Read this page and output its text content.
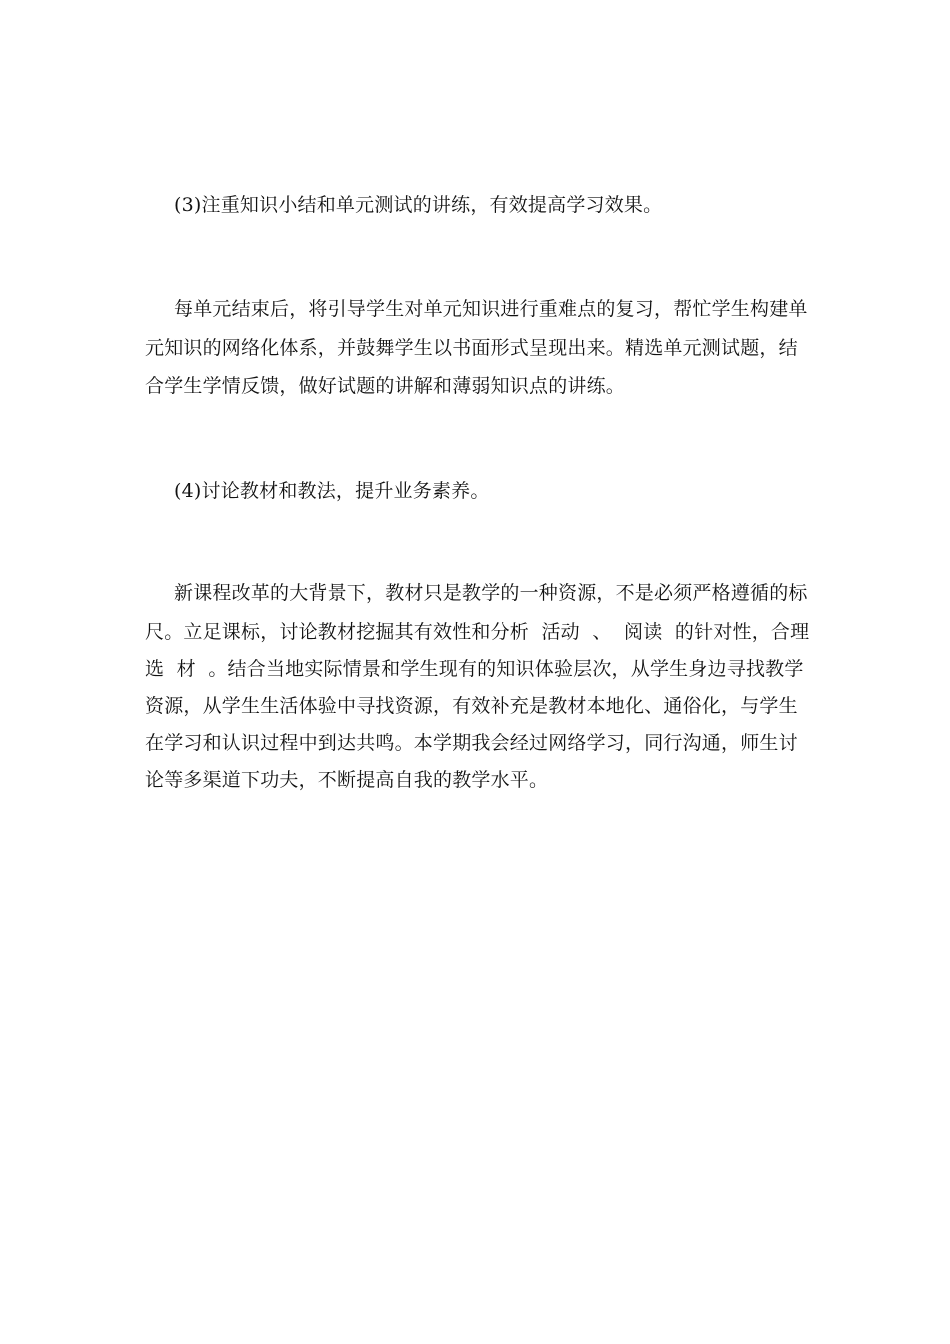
(3)注重知识小结和单元测试的讲练，有效提高学习效果。
每单元结束后，将引导学生对单元知识进行重难点的复习，帮忙学生构建单
元知识的网络化体系，并鼓舞学生以书面形式呈现出来。精选单元测试题，结
合学生学情反馈，做好试题的讲解和薄弱知识点的讲练。
(4)讨论教材和教法，提升业务素养。
新课程改革的大背景下，教材只是教学的一种资源，不是必须严格遵循的标
尺。立足课标，讨论教材挖掘其有效性和分析  活动  、  阅读  的针对性，合理
选  材  。结合当地实际情景和学生现有的知识体验层次，从学生身边寻找教学
资源，从学生生活体验中寻找资源，有效补充是教材本地化、通俗化，与学生
在学习和认识过程中到达共鸣。本学期我会经过网络学习，同行沟通，师生讨
论等多渠道下功夫，不断提高自我的教学水平。
